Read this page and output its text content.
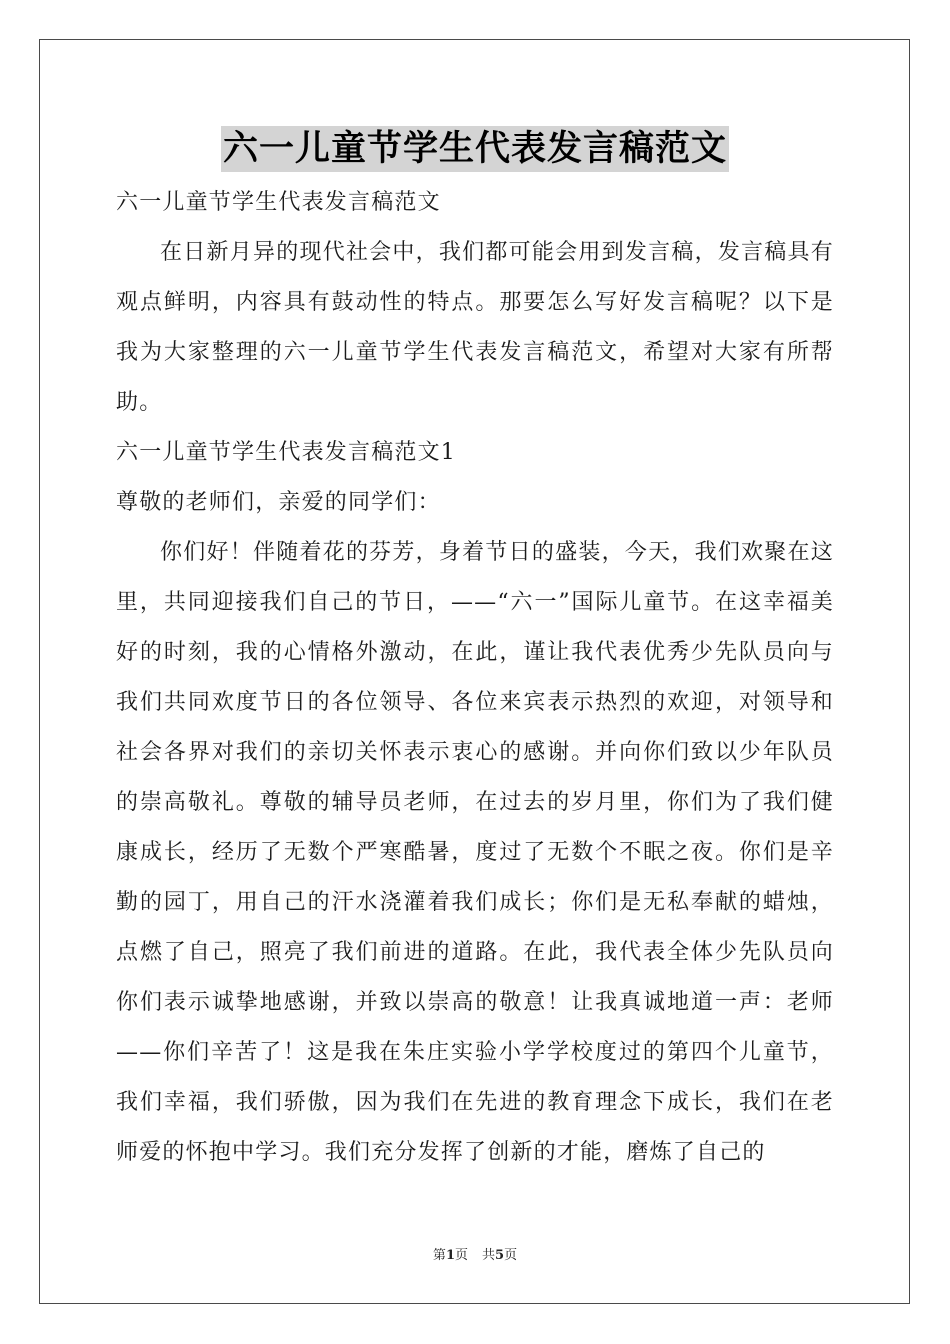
六一儿童节学生代表发言稿范文

六一儿童节学生代表发言稿范文

在日新月异的现代社会中，我们都可能会用到发言稿，发言稿具有观点鲜明，内容具有鼓动性的特点。那要怎么写好发言稿呢？以下是我为大家整理的六一儿童节学生代表发言稿范文，希望对大家有所帮助。

六一儿童节学生代表发言稿范文1

尊敬的老师们，亲爱的同学们：

你们好！伴随着花的芬芳，身着节日的盛装，今天，我们欢聚在这里，共同迎接我们自己的节日，——“六一”国际儿童节。在这幸福美好的时刻，我的心情格外激动，在此，谨让我代表优秀少先队员向与我们共同欢度节日的各位领导、各位来宾表示热烈的欢迎，对领导和社会各界对我们的亲切关怀表示衷心的感谢。并向你们致以少年队员的崇高敬礼。尊敬的辅导员老师，在过去的岁月里，你们为了我们健康成长，经历了无数个严寒酷暑，度过了无数个不眠之夜。你们是辛勤的园丁，用自己的汗水浇灌着我们成长；你们是无私奉献的蜡烛，点燃了自己，照亮了我们前进的道路。在此，我代表全体少先队员向你们表示诚挚地感谢，并致以崇高的敬意！让我真诚地道一声：老师——你们辛苦了！这是我在朱庄实验小学学校度过的第四个儿童节，我们幸福，我们骄傲，因为我们在先进的教育理念下成长，我们在老师爱的怀抱中学习。我们充分发挥了创新的才能，磨炼了自己的

第1页 共5页
